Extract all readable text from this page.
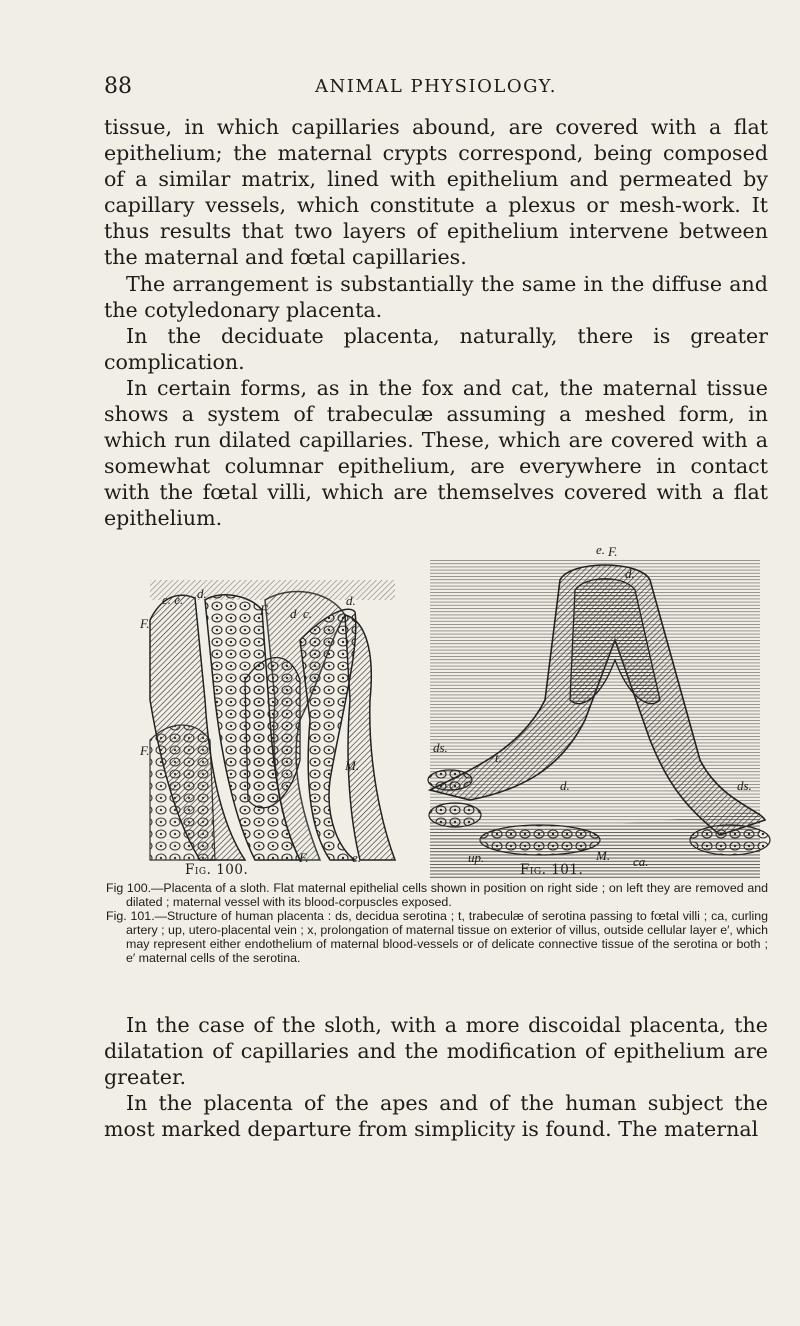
88	ANIMAL PHYSIOLOGY.

tissue, in which capillaries abound, are covered with a flat epithelium; the maternal crypts correspond, being composed of a similar matrix, lined with epithelium and permeated by capillary vessels, which constitute a plexus or mesh-work. It thus results that two layers of epithelium intervene between the maternal and fœtal capillaries.

The arrangement is substantially the same in the diffuse and the cotyledonary placenta.

In the deciduate placenta, naturally, there is greater complication.

In certain forms, as in the fox and cat, the maternal tissue shows a system of trabeculæ assuming a meshed form, in which run dilated capillaries. These, which are covered with a somewhat columnar epithelium, are everywhere in contact with the fœtal villi, which are themselves covered with a flat epithelium.

e. e. d.
F.
d.
F. d c.
M.
F.
F.	e.
e. F.
d.
ds.
t.
d.	ds.
up.	M. ca.
Fig. 100.	Fig. 101.

Fig 100.—Placenta of a sloth. Flat maternal epithelial cells shown in position on right side ; on left they are removed and dilated ; maternal vessel with its blood-corpuscles exposed.

Fig. 101.—Structure of human placenta : ds, decidua serotina ; t, trabeculæ of serotina passing to fœtal villi ; ca, curling artery ; up, utero-placental vein ; x, prolongation of maternal tissue on exterior of villus, outside cellular layer e′, which may represent either endothelium of maternal blood-vessels or of delicate connective tissue of the serotina or both ; e′ maternal cells of the serotina.

In the case of the sloth, with a more discoidal placenta, the dilatation of capillaries and the modification of epithelium are greater.

In the placenta of the apes and of the human subject the most marked departure from simplicity is found. The maternal
